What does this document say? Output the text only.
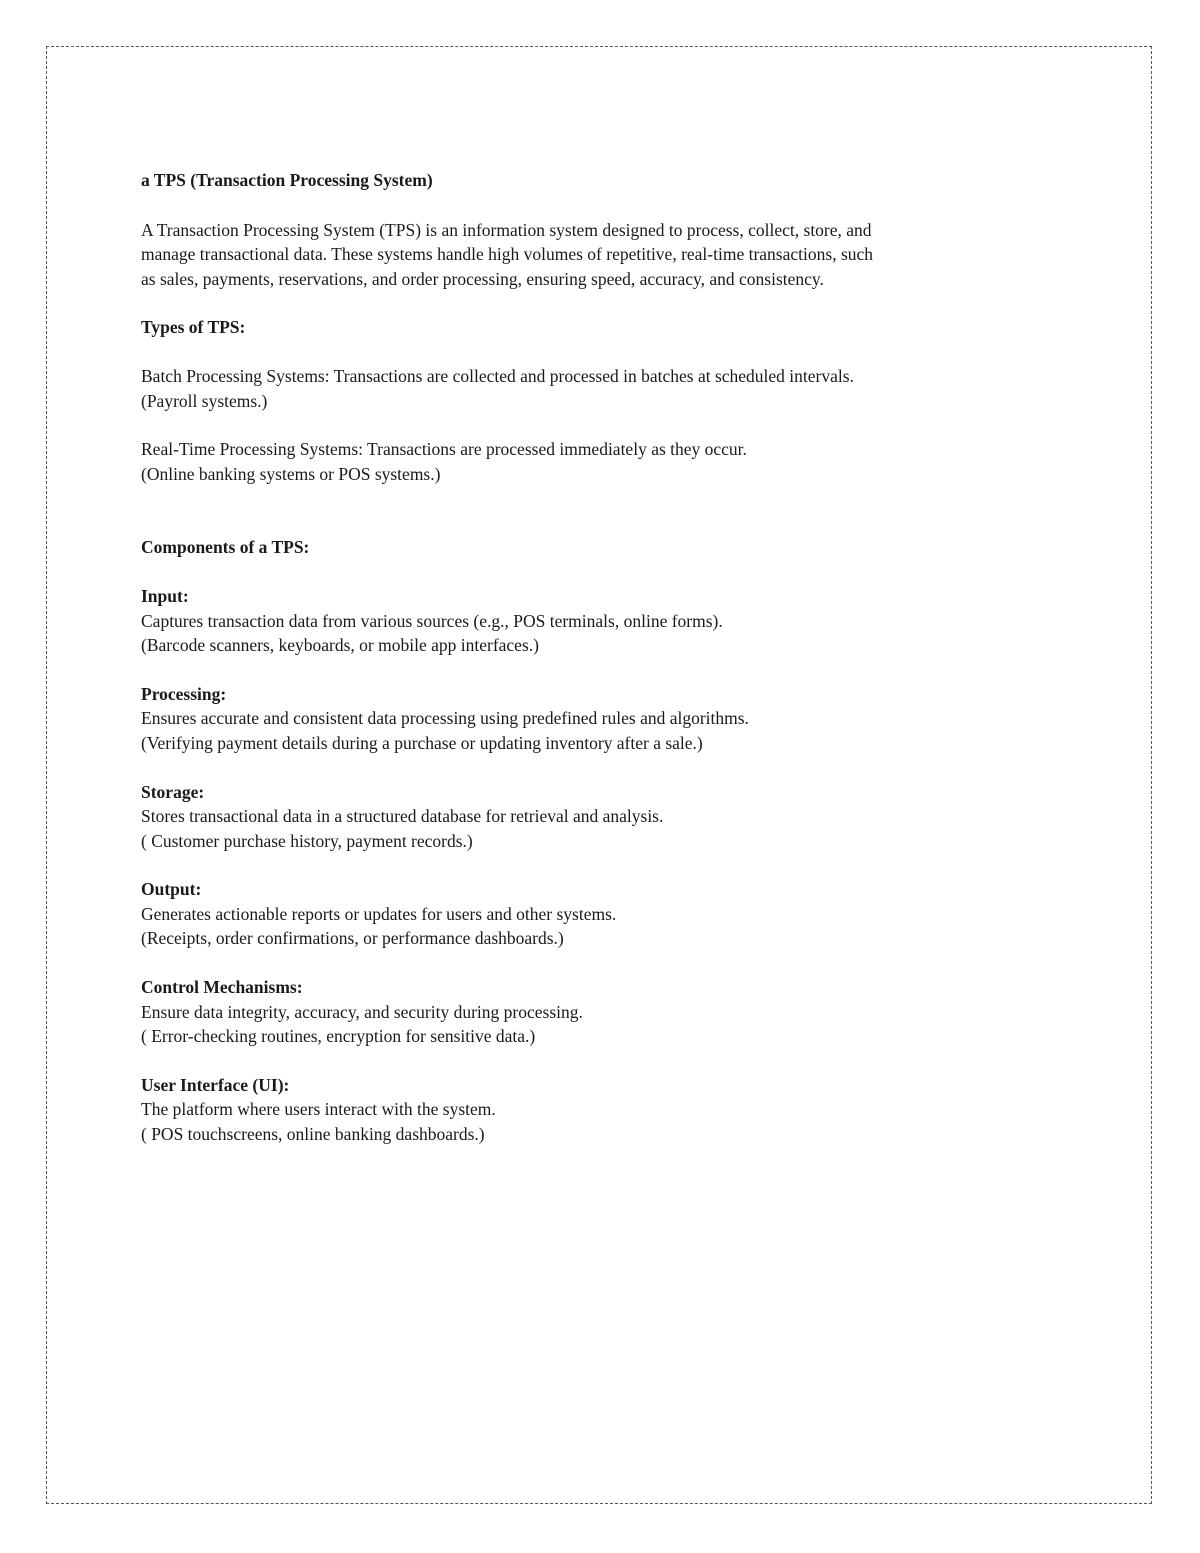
a TPS (Transaction Processing System)

A Transaction Processing System (TPS) is an information system designed to process, collect, store, and
manage transactional data. These systems handle high volumes of repetitive, real-time transactions, such
as sales, payments, reservations, and order processing, ensuring speed, accuracy, and consistency.

Types of TPS:

Batch Processing Systems: Transactions are collected and processed in batches at scheduled intervals.
(Payroll systems.)
Real-Time Processing Systems: Transactions are processed immediately as they occur.
(Online banking systems or POS systems.)

Components of a TPS:

Input:
Captures transaction data from various sources (e.g., POS terminals, online forms).
(Barcode scanners, keyboards, or mobile app interfaces.)
Processing:
Ensures accurate and consistent data processing using predefined rules and algorithms.
(Verifying payment details during a purchase or updating inventory after a sale.)
Storage:
Stores transactional data in a structured database for retrieval and analysis.
( Customer purchase history, payment records.)
Output:
Generates actionable reports or updates for users and other systems.
(Receipts, order confirmations, or performance dashboards.)
Control Mechanisms:
Ensure data integrity, accuracy, and security during processing.
( Error-checking routines, encryption for sensitive data.)
User Interface (UI):
The platform where users interact with the system.
( POS touchscreens, online banking dashboards.)
